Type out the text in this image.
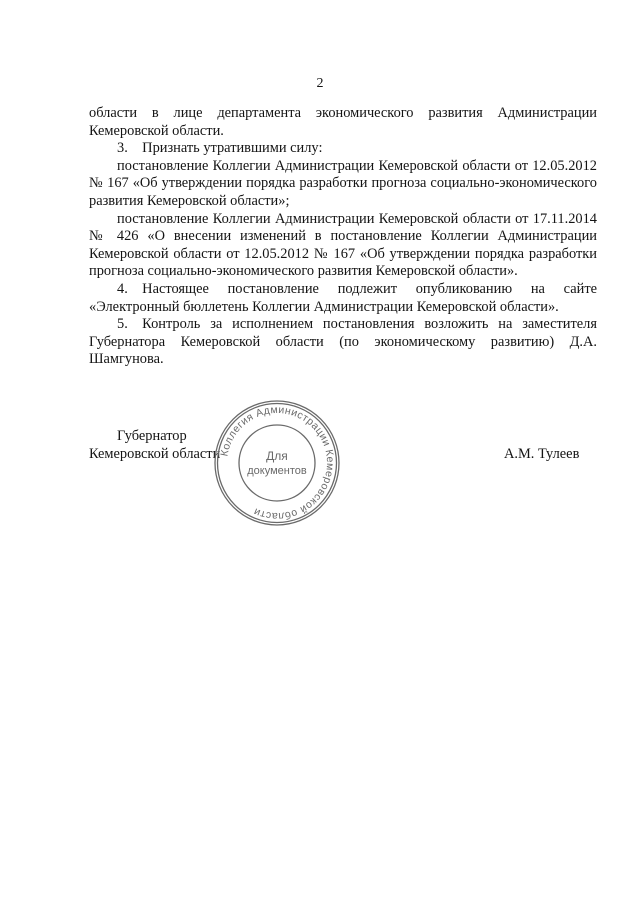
2

области в лице департамента экономического развития Администрации Кемеровской области.

3. Признать утратившими силу:

постановление Коллегии Администрации Кемеровской области от 12.05.2012 № 167 «Об утверждении порядка разработки прогноза социально-экономического развития Кемеровской области»;

постановление Коллегии Администрации Кемеровской области от 17.11.2014 № 426 «О внесении изменений в постановление Коллегии Администрации Кемеровской области от 12.05.2012 № 167 «Об утверждении порядка разработки прогноза социально-экономического развития Кемеровской области».

4. Настоящее постановление подлежит опубликованию на сайте «Электронный бюллетень Коллегии Администрации Кемеровской области».

5. Контроль за исполнением постановления возложить на заместителя Губернатора Кемеровской области (по экономическому развитию) Д.А. Шамгунова.

Губернатор
Кемеровской области	А.М. Тулеев
Коллегия Администрации Кемеровской области
Для
документов
